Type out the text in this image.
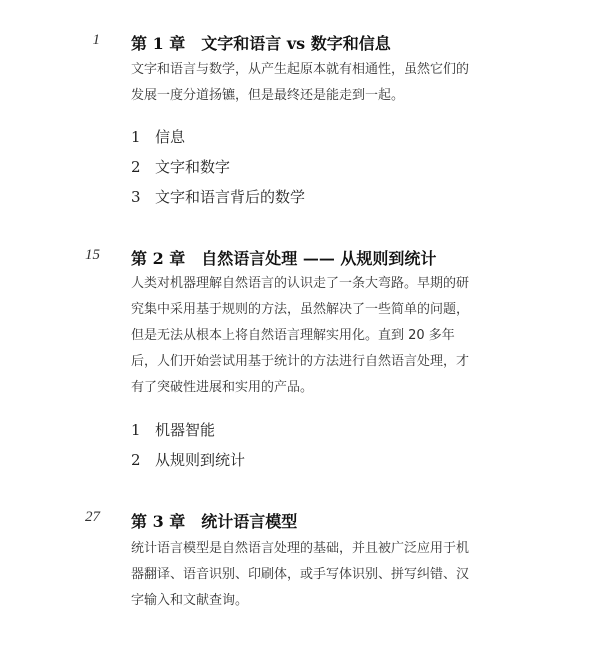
1 第 1 章 文字和语言 vs 数字和信息

文字和语言与数学，从产生起原本就有相通性，虽然它们的发展一度分道扬镳，但是最终还是能走到一起。

1 信息
2 文字和数字
3 文字和语言背后的数学
15 第 2 章 自然语言处理 —— 从规则到统计

人类对机器理解自然语言的认识走了一条大弯路。早期的研究集中采用基于规则的方法，虽然解决了一些简单的问题，但是无法从根本上将自然语言理解实用化。直到 20 多年后，人们开始尝试用基于统计的方法进行自然语言处理，才有了突破性进展和实用的产品。

1 机器智能
2 从规则到统计
27 第 3 章 统计语言模型

统计语言模型是自然语言处理的基础，并且被广泛应用于机器翻译、语音识别、印刷体，或手写体识别、拼写纠错、汉字输入和文献查询。
